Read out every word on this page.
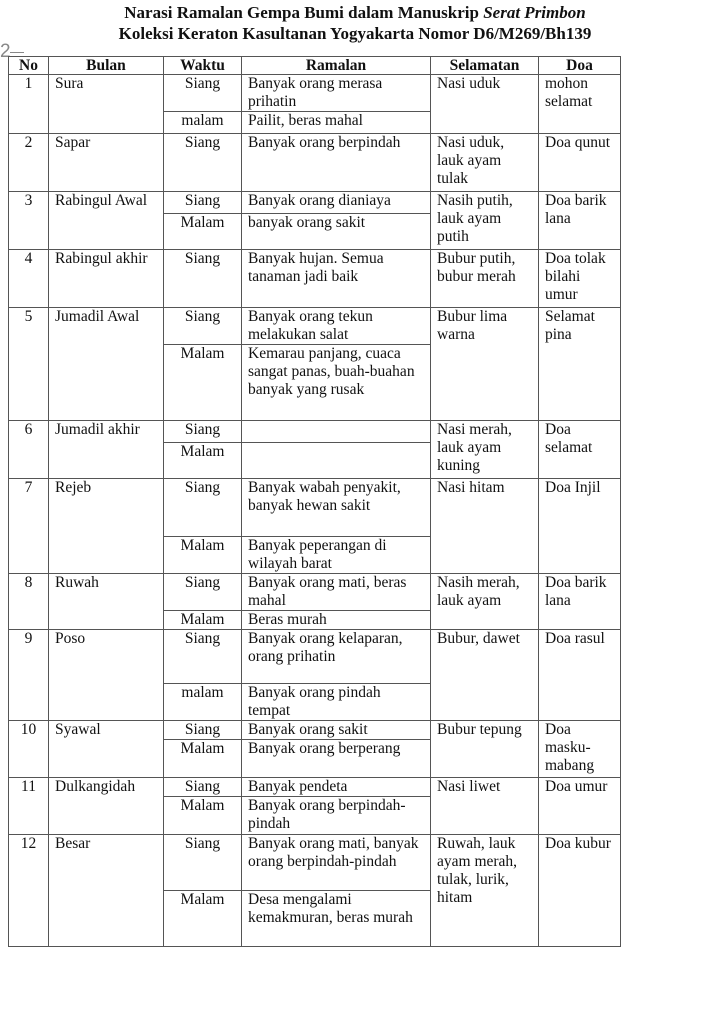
Narasi Ramalan Gempa Bumi dalam Manuskrip Serat Primbon
Koleksi Keraton Kasultanan Yogyakarta Nomor D6/M269/Bh139
2
No	Bulan	Waktu	Ramalan	Selamatan	Doa
1	Sura	Siang	Banyak orang merasa prihatin	Nasi uduk	mohon selamat
		malam	Pailit, beras mahal		
2	Sapar	Siang	Banyak orang berpindah	Nasi uduk, lauk ayam tulak	Doa qunut
3	Rabingul Awal	Siang	Banyak orang dianiaya	Nasih putih, lauk ayam putih	Doa barik lana
		Malam	banyak orang sakit		
4	Rabingul akhir	Siang	Banyak hujan. Semua tanaman jadi baik	Bubur putih, bubur merah	Doa tolak bilahi umur
5	Jumadil Awal	Siang	Banyak orang tekun melakukan salat	Bubur lima warna	Selamat pina
		Malam	Kemarau panjang, cuaca sangat panas, buah-buahan banyak yang rusak		
6	Jumadil akhir	Siang		Nasi merah, lauk ayam kuning	Doa selamat
		Malam			
7	Rejeb	Siang	Banyak wabah penyakit, banyak hewan sakit	Nasi hitam	Doa Injil
		Malam	Banyak peperangan di wilayah barat		
8	Ruwah	Siang	Banyak orang mati, beras mahal	Nasih merah, lauk ayam	Doa barik lana
		Malam	Beras murah		
9	Poso	Siang	Banyak orang kelaparan, orang prihatin	Bubur, dawet	Doa rasul
		malam	Banyak orang pindah tempat		
10	Syawal	Siang	Banyak orang sakit	Bubur tepung	Doa masku-mabang
		Malam	Banyak orang berperang		
11	Dulkangidah	Siang	Banyak pendeta	Nasi liwet	Doa umur
		Malam	Banyak orang berpindah-pindah		
12	Besar	Siang	Banyak orang mati, banyak orang berpindah-pindah	Ruwah, lauk ayam merah, tulak, lurik, hitam	Doa kubur
		Malam	Desa mengalami kemakmuran, beras murah		
